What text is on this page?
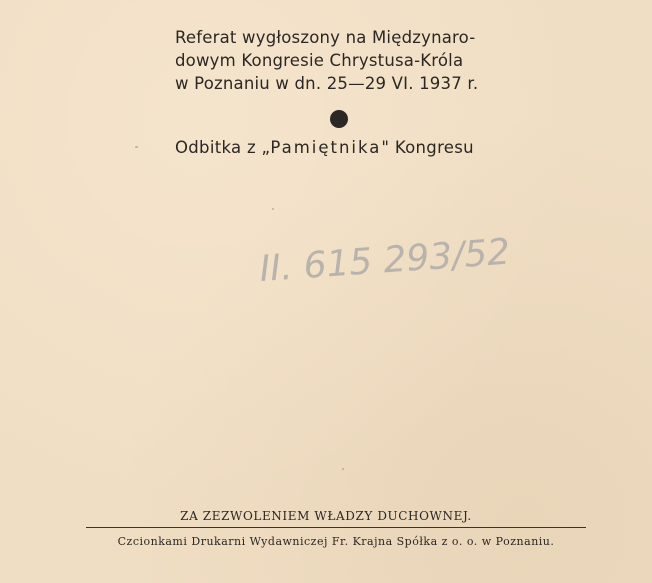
Referat wygłoszony na Międzynaro-
dowym Kongresie Chrystusa-Króla
w Poznaniu w dn. 25—29 VI. 1937 r.
Odbitka z „Pamiętnika" Kongresu
II. 615 293/52
ZA ZEZWOLENIEM WŁADZY DUCHOWNEJ.
Czcionkami Drukarni Wydawniczej Fr. Krajna Spółka z o. o. w Poznaniu.
